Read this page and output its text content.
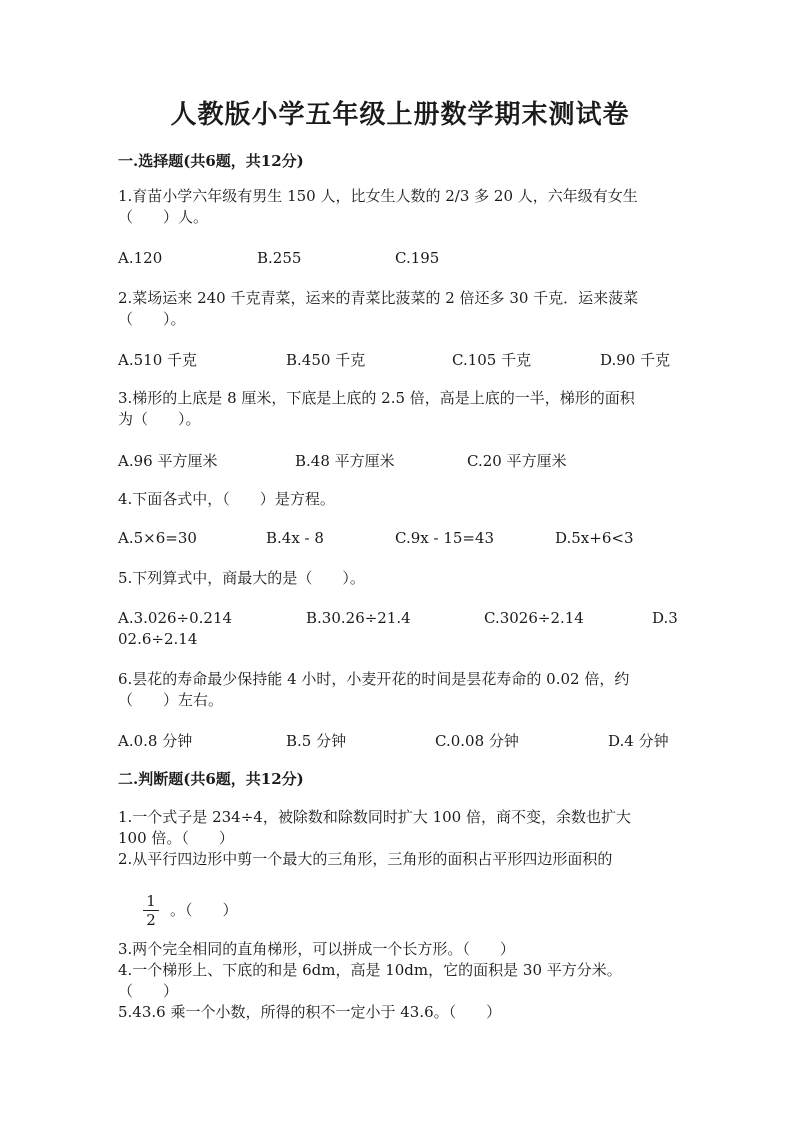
人教版小学五年级上册数学期末测试卷
一.选择题(共6题，共12分)
1.育苗小学六年级有男生 150 人，比女生人数的 2/3 多 20 人，六年级有女生
（　　）人。
A.120	B.255	C.195
2.菜场运来 240 千克青菜，运来的青菜比菠菜的 2 倍还多 30 千克．运来菠菜
（　　）。
A.510 千克	B.450 千克	C.105 千克	D.90 千克
3.梯形的上底是 8 厘米，下底是上底的 2.5 倍，高是上底的一半，梯形的面积
为（　　）。
A.96 平方厘米	B.48 平方厘米	C.20 平方厘米
4.下面各式中，（　　）是方程。
A.5×6=30	B.4x - 8	C.9x - 15=43	D.5x+6<3
5.下列算式中，商最大的是（　　）。
A.3.026÷0.214	B.30.26÷21.4	C.3026÷2.14	D.3
02.6÷2.14
6.昙花的寿命最少保持能 4 小时，小麦开花的时间是昙花寿命的 0.02 倍，约
（　　）左右。
A.0.8 分钟	B.5 分钟	C.0.08 分钟	D.4 分钟
二.判断题(共6题，共12分)
1.一个式子是 234÷4，被除数和除数同时扩大 100 倍，商不变，余数也扩大
100 倍。（　　）
2.从平行四边形中剪一个最大的三角形，三角形的面积占平形四边形面积的
$\frac{1}{2}$ 。（　　）
3.两个完全相同的直角梯形，可以拼成一个长方形。（　　）
4.一个梯形上、下底的和是 6dm，高是 10dm，它的面积是 30 平方分米。
（　　）
5.43.6 乘一个小数，所得的积不一定小于 43.6。（　　）
